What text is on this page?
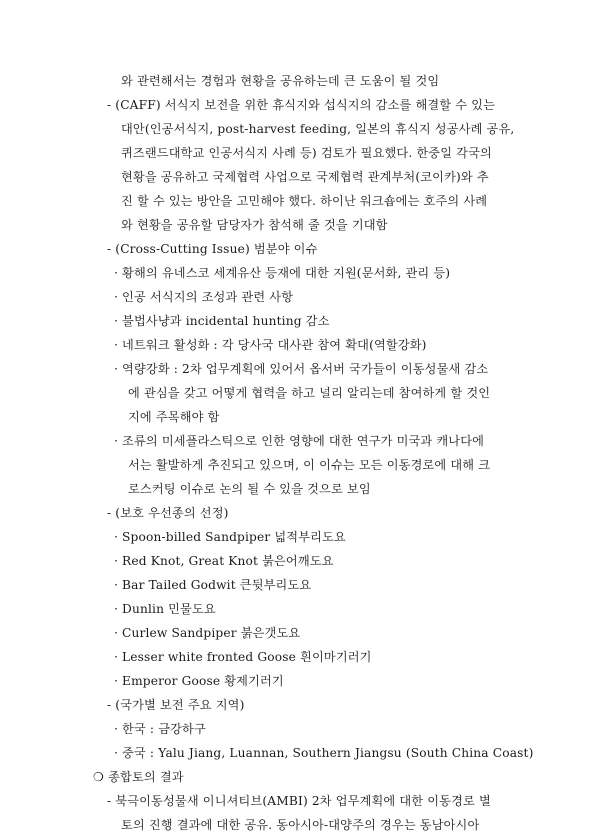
와 관련해서는 경험과 현황을 공유하는데 큰 도움이 될 것임
- (CAFF) 서식지 보전을 위한 휴식지와 섭식지의 감소를 해결할 수 있는
대안(인공서식지, post-harvest feeding, 일본의 휴식지 성공사례 공유,
퀴즈랜드대학교 인공서식지 사례 등) 검토가 필요했다. 한중일 각국의
현황을 공유하고 국제협력 사업으로 국제협력 관계부처(코이카)와 추
진 할 수 있는 방안을 고민해야 했다. 하이난 워크숍에는 호주의 사례
와 현황을 공유할 담당자가 참석해 줄 것을 기대함
- (Cross-Cutting Issue) 범분야 이슈
· 황해의 유네스코 세계유산 등재에 대한 지원(문서화, 관리 등)
· 인공 서식지의 조성과 관련 사항
· 불법사냥과 incidental hunting 감소
· 네트워크 활성화 : 각 당사국 대사관 참여 확대(역할강화)
· 역량강화 : 2차 업무계획에 있어서 옵서버 국가들이 이동성물새 감소
에 관심을 갖고 어떻게 협력을 하고 널리 알리는데 참여하게 할 것인
지에 주목해야 함
· 조류의 미세플라스틱으로 인한 영향에 대한 연구가 미국과 캐나다에
서는 활발하게 추진되고 있으며, 이 이슈는 모든 이동경로에 대해 크
로스커팅 이슈로 논의 될 수 있을 것으로 보임
- (보호 우선종의 선정)
· Spoon-billed Sandpiper 넓적부리도요
· Red Knot, Great Knot 붉은어깨도요
· Bar Tailed Godwit 큰뒷부리도요
· Dunlin 민물도요
· Curlew Sandpiper 붉은갯도요
· Lesser white fronted Goose 흰이마기러기
· Emperor Goose 황제기러기
- (국가별 보전 주요 지역)
· 한국 : 금강하구
· 중국 : Yalu Jiang, Luannan, Southern Jiangsu (South China Coast)
❍ 종합토의 결과
- 북극이동성물새 이니셔티브(AMBI) 2차 업무계획에 대한 이동경로 별
토의 진행 결과에 대한 공유. 동아시아-대양주의 경우는 동남아시아
